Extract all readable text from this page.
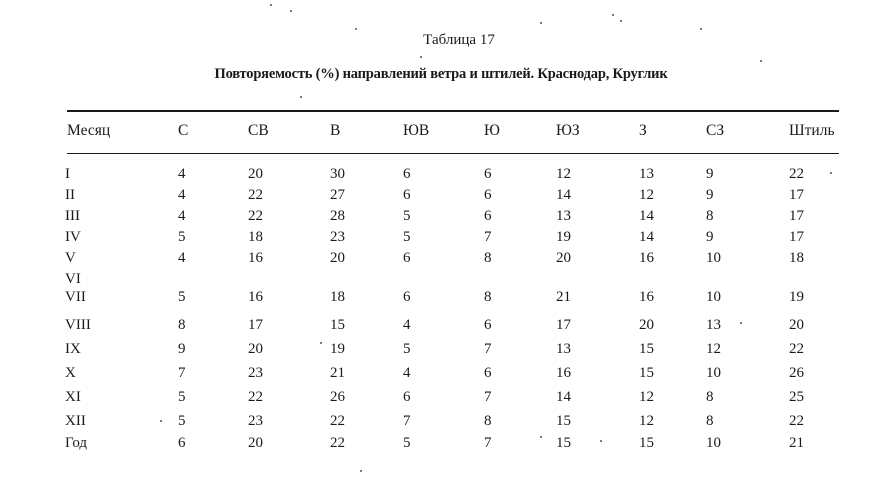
Таблица 17
Повторяемость (%) направлений ветра и штилей. Краснодар, Круглик
Месяц	С	СВ	В	ЮВ	Ю	ЮЗ	З	СЗ	Штиль
I	4	20	30	6	6	12	13	9	22
II	4	22	27	6	6	14	12	9	17
III	4	22	28	5	6	13	14	8	17
IV	5	18	23	5	7	19	14	9	17
V	4	16	20	6	8	20	16	10	18
VI
VII	5	16	18	6	8	21	16	10	19
VIII	8	17	15	4	6	17	20	13	20
IX	9	20	19	5	7	13	15	12	22
X	7	23	21	4	6	16	15	10	26
XI	5	22	26	6	7	14	12	8	25
XII	5	23	22	7	8	15	12	8	22
Год	6	20	22	5	7	15	15	10	21
